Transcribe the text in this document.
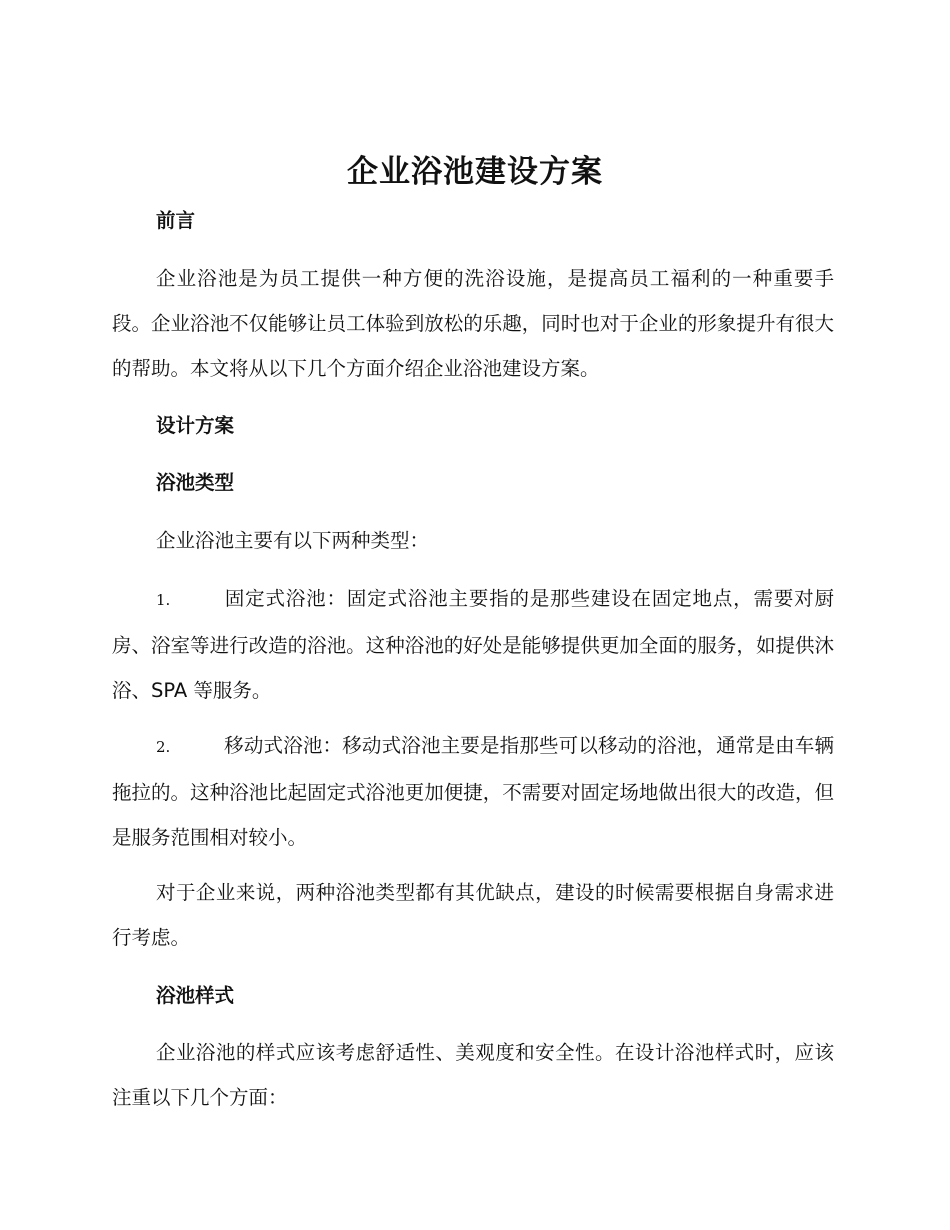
企业浴池建设方案
前言

企业浴池是为员工提供一种方便的洗浴设施，是提高员工福利的一种重要手段。企业浴池不仅能够让员工体验到放松的乐趣，同时也对于企业的形象提升有很大的帮助。本文将从以下几个方面介绍企业浴池建设方案。

设计方案
浴池类型

企业浴池主要有以下两种类型：

1.	固定式浴池：固定式浴池主要指的是那些建设在固定地点，需要对厨房、浴室等进行改造的浴池。这种浴池的好处是能够提供更加全面的服务，如提供沐浴、SPA 等服务。

2.	移动式浴池：移动式浴池主要是指那些可以移动的浴池，通常是由车辆拖拉的。这种浴池比起固定式浴池更加便捷，不需要对固定场地做出很大的改造，但是服务范围相对较小。

对于企业来说，两种浴池类型都有其优缺点，建设的时候需要根据自身需求进行考虑。

浴池样式

企业浴池的样式应该考虑舒适性、美观度和安全性。在设计浴池样式时，应该注重以下几个方面：
